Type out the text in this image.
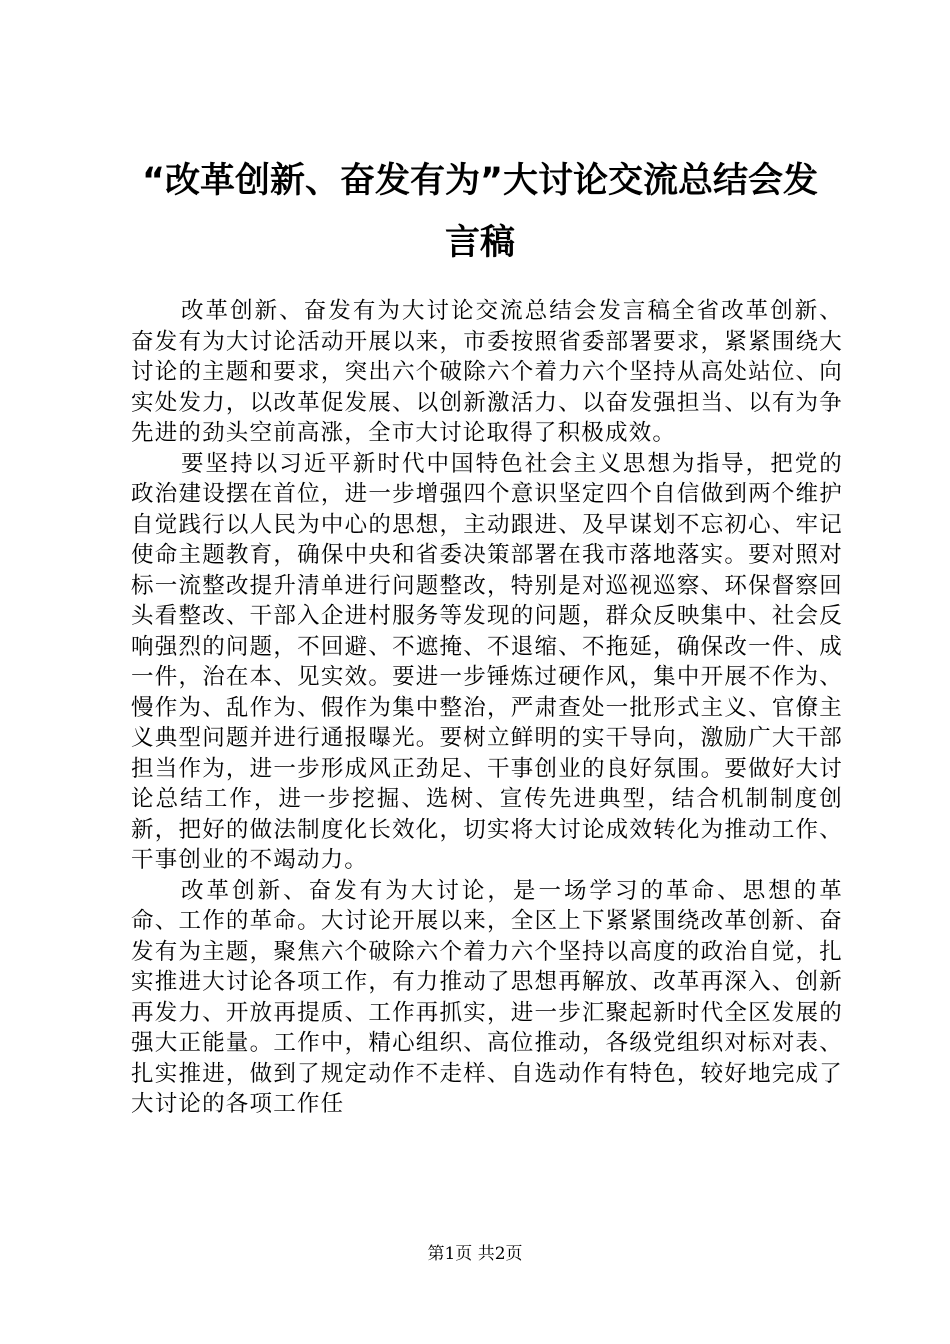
“改革创新、奋发有为”大讨论交流总结会发
言稿

改革创新、奋发有为大讨论交流总结会发言稿全省改革创新、奋发有为大讨论活动开展以来，市委按照省委部署要求，紧紧围绕大讨论的主题和要求，突出六个破除六个着力六个坚持从高处站位、向实处发力，以改革促发展、以创新激活力、以奋发强担当、以有为争先进的劲头空前高涨，全市大讨论取得了积极成效。

要坚持以习近平新时代中国特色社会主义思想为指导，把党的政治建设摆在首位，进一步增强四个意识坚定四个自信做到两个维护自觉践行以人民为中心的思想，主动跟进、及早谋划不忘初心、牢记使命主题教育，确保中央和省委决策部署在我市落地落实。要对照对标一流整改提升清单进行问题整改，特别是对巡视巡察、环保督察回头看整改、干部入企进村服务等发现的问题，群众反映集中、社会反响强烈的问题，不回避、不遮掩、不退缩、不拖延，确保改一件、成一件，治在本、见实效。要进一步锤炼过硬作风，集中开展不作为、慢作为、乱作为、假作为集中整治，严肃查处一批形式主义、官僚主义典型问题并进行通报曝光。要树立鲜明的实干导向，激励广大干部担当作为，进一步形成风正劲足、干事创业的良好氛围。要做好大讨论总结工作，进一步挖掘、选树、宣传先进典型，结合机制制度创新，把好的做法制度化长效化，切实将大讨论成效转化为推动工作、干事创业的不竭动力。

改革创新、奋发有为大讨论，是一场学习的革命、思想的革命、工作的革命。大讨论开展以来，全区上下紧紧围绕改革创新、奋发有为主题，聚焦六个破除六个着力六个坚持以高度的政治自觉，扎实推进大讨论各项工作，有力推动了思想再解放、改革再深入、创新再发力、开放再提质、工作再抓实，进一步汇聚起新时代全区发展的强大正能量。工作中，精心组织、高位推动，各级党组织对标对表、扎实推进，做到了规定动作不走样、自选动作有特色，较好地完成了大讨论的各项工作任

第1页 共2页
